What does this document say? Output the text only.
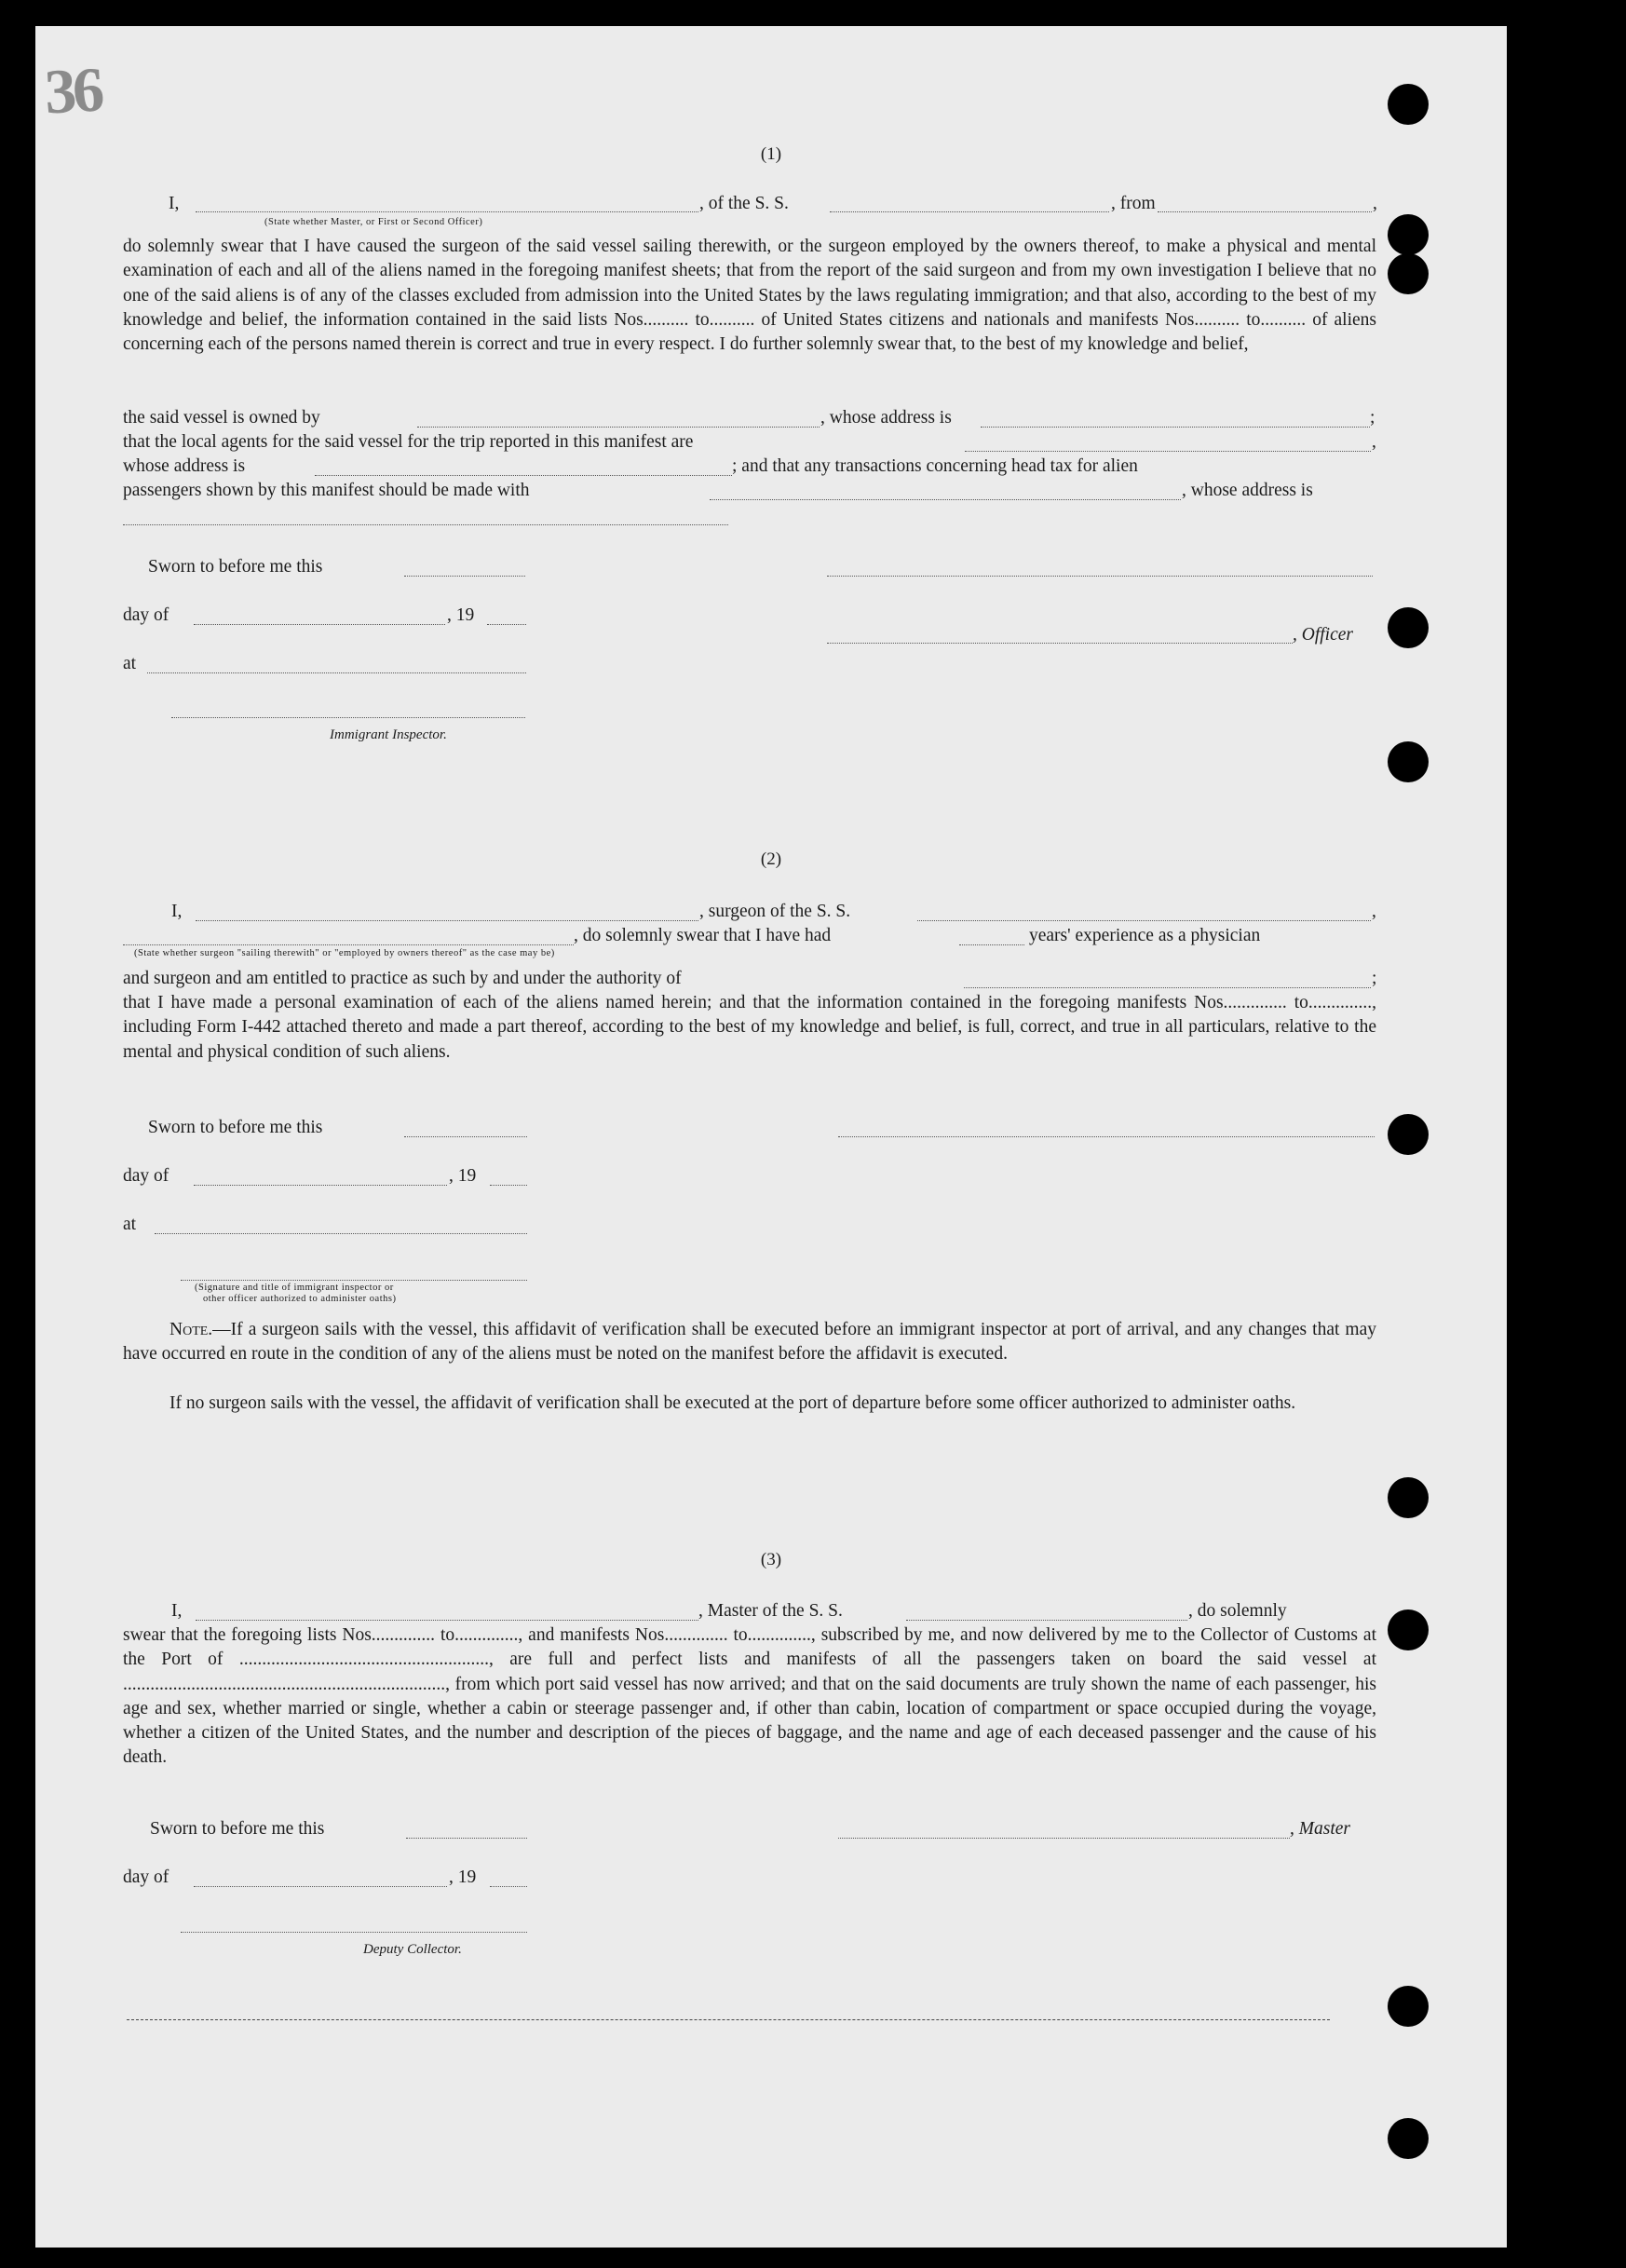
36

(1)
I,	, of the S. S.	, from	,
(State whether Master, or First or Second Officer)
do solemnly swear that I have caused the surgeon of the said vessel sailing therewith, or the surgeon employed by the owners thereof, to make a physical and mental examination of each and all of the aliens named in the foregoing manifest sheets; that from the report of the said surgeon and from my own investigation I believe that no one of the said aliens is of any of the classes excluded from admission into the United States by the laws regulating immigration; and that also, according to the best of my knowledge and belief, the information contained in the said lists Nos.......... to.......... of United States citizens and nationals and manifests Nos.......... to.......... of aliens concerning each of the persons named therein is correct and true in every respect. I do further solemnly swear that, to the best of my knowledge and belief,
the said vessel is owned by	, whose address is	;
that the local agents for the said vessel for the trip reported in this manifest are	,
whose address is	; and that any transactions concerning head tax for alien
passengers shown by this manifest should be made with	, whose address is
Sworn to before me this
day of	, 19
, Officer
at
Immigrant Inspector.
(2)
I,	, surgeon of the S. S.	,
, do solemnly swear that I have had	years' experience as a physician
(State whether surgeon "sailing therewith" or "employed by owners thereof" as the case may be)
and surgeon and am entitled to practice as such by and under the authority of	;
that I have made a personal examination of each of the aliens named herein; and that the information contained in the foregoing manifests Nos.............. to.............., including Form I-442 attached thereto and made a part thereof, according to the best of my knowledge and belief, is full, correct, and true in all particulars, relative to the mental and physical condition of such aliens.
Sworn to before me this
day of	, 19
at
(Signature and title of immigrant inspector or
other officer authorized to administer oaths)
Note.—If a surgeon sails with the vessel, this affidavit of verification shall be executed before an immigrant inspector at port of arrival, and any changes that may have occurred en route in the condition of any of the aliens must be noted on the manifest before the affidavit is executed.
If no surgeon sails with the vessel, the affidavit of verification shall be executed at the port of departure before some officer authorized to administer oaths.
(3)
I,	, Master of the S. S.	, do solemnly
swear that the foregoing lists Nos.............. to.............., and manifests Nos.............. to.............., subscribed by me, and now delivered by me to the Collector of Customs at the Port of ......................................................., are full and perfect lists and manifests of all the passengers taken on board the said vessel at ......................................................................., from which port said vessel has now arrived; and that on the said documents are truly shown the name of each passenger, his age and sex, whether married or single, whether a cabin or steerage passenger and, if other than cabin, location of compartment or space occupied during the voyage, whether a citizen of the United States, and the number and description of the pieces of baggage, and the name and age of each deceased passenger and the cause of his death.
Sworn to before me this	, Master
day of	, 19
Deputy Collector.
